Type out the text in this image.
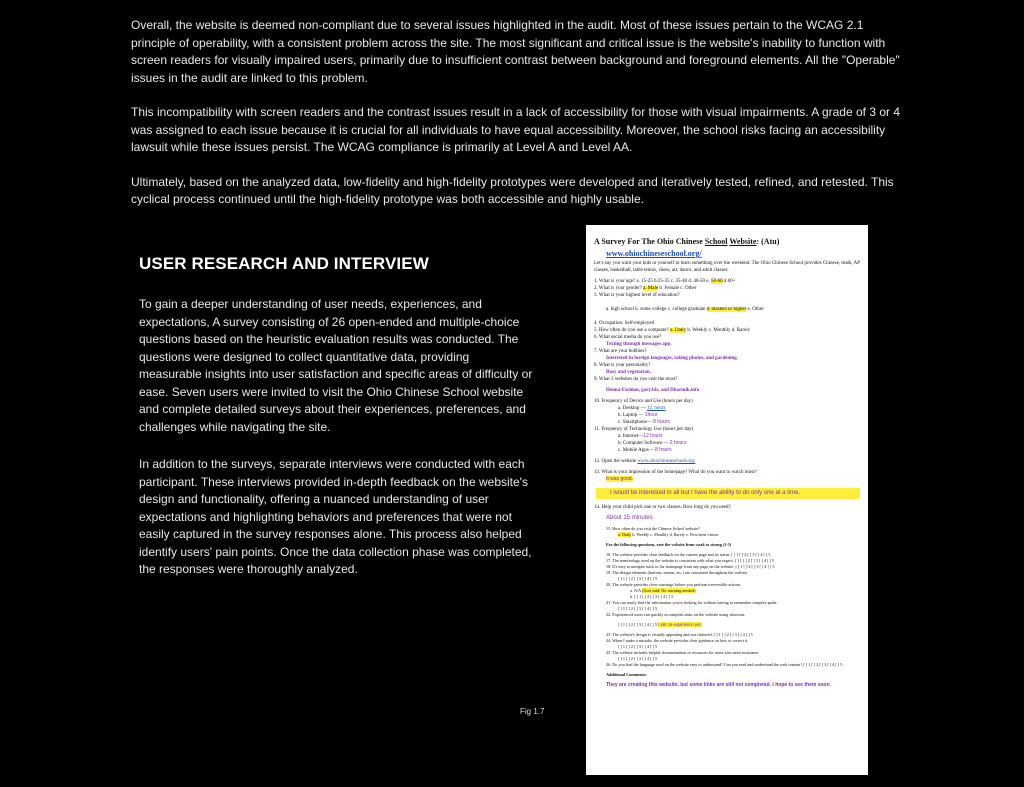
Overall, the website is deemed non-compliant due to several issues highlighted in the audit. Most of these issues pertain to the WCAG 2.1 principle of operability, with a consistent problem across the site. The most significant and critical issue is the website's inability to function with screen readers for visually impaired users, primarily due to insufficient contrast between background and foreground elements. All the "Operable" issues in the audit are linked to this problem.

This incompatibility with screen readers and the contrast issues result in a lack of accessibility for those with visual impairments. A grade of 3 or 4 was assigned to each issue because it is crucial for all individuals to have equal accessibility. Moreover, the school risks facing an accessibility lawsuit while these issues persist. The WCAG compliance is primarily at Level A and Level AA.

Ultimately, based on the analyzed data, low-fidelity and high-fidelity prototypes were developed and iteratively tested, refined, and retested. This cyclical process continued until the high-fidelity prototype was both accessible and highly usable.

USER RESEARCH AND INTERVIEW

To gain a deeper understanding of user needs, experiences, and expectations, A survey consisting of 26 open-ended and multiple-choice questions based on the heuristic evaluation results was conducted. The questions were designed to collect quantitative data, providing measurable insights into user satisfaction and specific areas of difficulty or ease. Seven users were invited to visit the Ohio Chinese School website and complete detailed surveys about their experiences, preferences, and challenges while navigating the site.

In addition to the surveys, separate interviews were conducted with each participant. These interviews provided in-depth feedback on the website's design and functionality, offering a nuanced understanding of user expectations and highlighting behaviors and preferences that were not easily captured in the survey responses alone. This process also helped identify users' pain points. Once the data collection phase was completed, the responses were thoroughly analyzed.

Fig 1.7
A Survey For The Ohio Chinese School Website: (Atu)
www.ohiochineseschool.org/
Let's say you want your kids or yourself to learn something over the weekend. The Ohio Chinese School provides Chinese, math, AP classes, basketball, table tennis, chess, art, dance, and adult classes.
1. What is your age? a. 15-25 b.25-35 c. 35-40 d. 40-50 e. 50-60 d.60+
2. What is your gender? a. Male b. Female c. Other
3. What is your highest level of education?
a. high school b. some college c. college graduate d. masters or higher e. Other
4. Occupation: Self-employed
5. How often do you use a computer? a. Daily b. Weekly c. Monthly d. Rarely
6. What social media do you use?
Texting through messages app.
7. What are your hobbies?
Interested in foreign languages, taking photos, and gardening.
8. What is your personality?
Busy and vegetarian.
9. What 3 websites do you visit the most?
Henna-Fashion, gary.biz, and Dharmik.info
10. Frequency of Device and Use (hours per day)
a. Desktop — 12. hours
b. Laptop — 1hour
c. Smartphone— 8 hours
11. Frequency of Technology Use (hours per day)
a. Internet—12 hours
b. Computer Software — 2 hours
c. Mobile Apps— 8 hours
12. Open the website www.ohiochineseschool.org/
13. What is your impression of the homepage? What do you want to watch most?
It was good.
I would be interested in all but I have the ability to do only one at a time.
14. Help your child pick one or two classes. How long do you need?
About 15 minutes
15. How often do you visit the Chinese School website?
a. Daily b. Weekly c. Monthly d. Rarely e. First-time visitor
For the following questions, rate the website from weak to strong (1-5)
16. The website provides clear feedback on the current page and its status. [ ] 1 [ ] 2 [ ] 3 [ ] 4 [ ] 5
17. The terminology used on the website is consistent with what you expect. [ ] 1 [ ] 2 [ ] 3 [ ] 4 [ ] 5
18. It's easy to navigate back to the homepage from any page on the website. [ ] 1 [ ] 2 [ ] 3 [ ] 4 [ ] 5
19. The design elements (buttons, menus, etc.) are consistent throughout the website.
[ ] 1 [ ] 2 [ ] 3 [ ] 4 [ ] 5
20. The website provides clear warnings before you perform irreversible actions.
a. N/A (User said: No warning needed)
b. [ ] 1 [ ] 2 [ ] 3 [ ] 4 [ ] 5
21. You can easily find the information you're looking for without having to remember complex paths.
[ ] 1 [ ] 2 [ ] 3 [ ] 4 [ ] 5
22. Experienced users can quickly accomplish tasks on the website using shortcuts.
[ ] 1 [ ] 2 [ ] 3 [ ] 4 [ ] 5 I am no experience yet.
23. The website's design is visually appealing and not cluttered. [ ] 1 [ ] 2 [ ] 3 [ ] 4 [ ] 5
24. When I make a mistake, the website provides clear guidance on how to correct it.
[ ] 1 [ ] 2 [ ] 3 [ ] 4 [ ] 5
25. The website includes helpful documentation or resources for users who need assistance.
[ ] 1 [ ] 2 [ ] 3 [ ] 4 [ ] 5
26. Do you find the language used on the website easy to understand? Can you read and understand the web content? [ ] 1 [ ] 2 [ ] 3 [ ] 4 [ ] 5
Additional Comments:
They are creating this website, but some links are still not completed. I hope to see them soon.
